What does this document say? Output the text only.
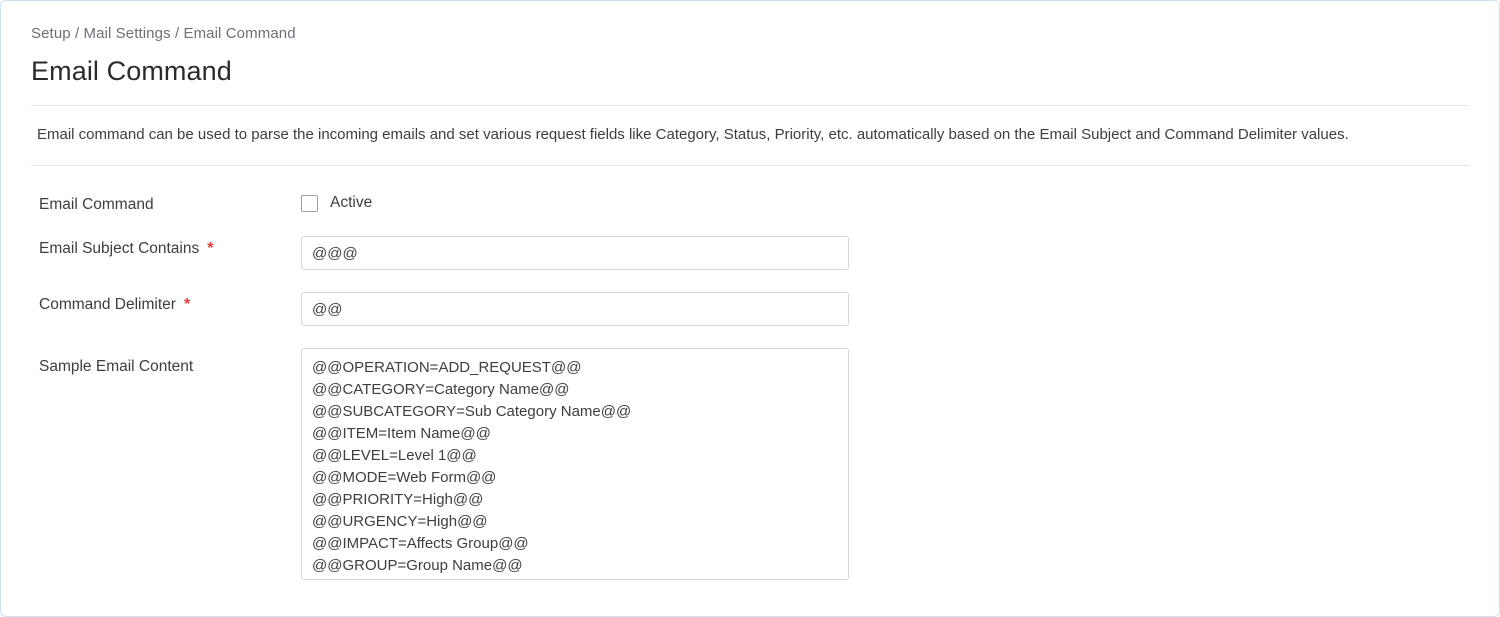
Setup / Mail Settings / Email Command
Email Command
Email command can be used to parse the incoming emails and set various request fields like Category, Status, Priority, etc. automatically based on the Email Subject and Command Delimiter values.
Email Command	Active
Email Subject Contains *
@@@
Command Delimiter *
@@
Sample Email Content
@@OPERATION=ADD_REQUEST@@ @@CATEGORY=Category Name@@ @@SUBCATEGORY=Sub Category Name@@ @@ITEM=Item Name@@ @@LEVEL=Level 1@@ @@MODE=Web Form@@ @@PRIORITY=High@@ @@URGENCY=High@@ @@IMPACT=Affects Group@@ @@GROUP=Group Name@@
